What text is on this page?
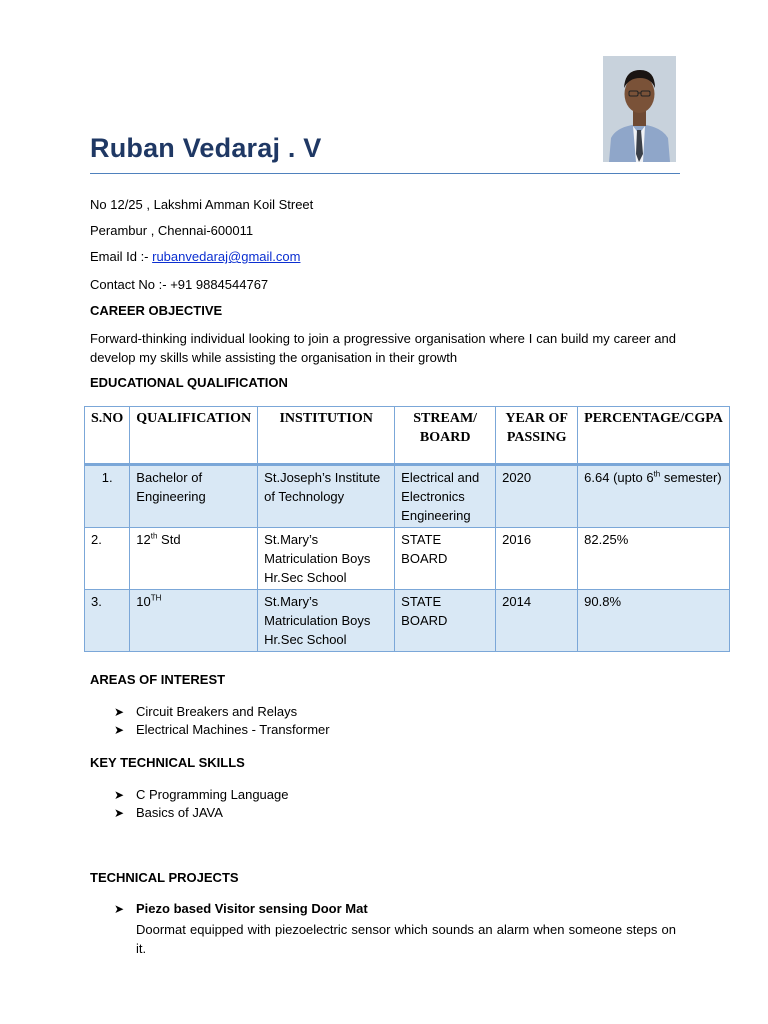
Ruban Vedaraj . V
No 12/25 , Lakshmi Amman Koil Street
Perambur , Chennai-600011
Email Id :- rubanvedaraj@gmail.com
Contact No :- +91 9884544767
CAREER OBJECTIVE
Forward-thinking individual looking to join a progressive organisation where I can build my career and develop my skills while assisting the organisation in their growth
EDUCATIONAL QUALIFICATION
S.NO	QUALIFICATION	INSTITUTION	STREAM/ BOARD	YEAR OF PASSING	PERCENTAGE/CGPA
1.	Bachelor of Engineering	St.Joseph’s Institute of Technology	Electrical and Electronics Engineering	2020	6.64 (upto 6th semester)
2.	12th Std	St.Mary’s Matriculation Boys Hr.Sec School	STATE BOARD	2016	82.25%
3.	10TH	St.Mary’s Matriculation Boys Hr.Sec School	STATE BOARD	2014	90.8%
AREAS OF INTEREST
➤ Circuit Breakers and Relays
➤ Electrical Machines - Transformer
KEY TECHNICAL SKILLS
➤ C Programming Language
➤ Basics of JAVA
TECHNICAL PROJECTS
➤ Piezo based Visitor sensing Door Mat
Doormat equipped with piezoelectric sensor which sounds an alarm when someone steps on it.
